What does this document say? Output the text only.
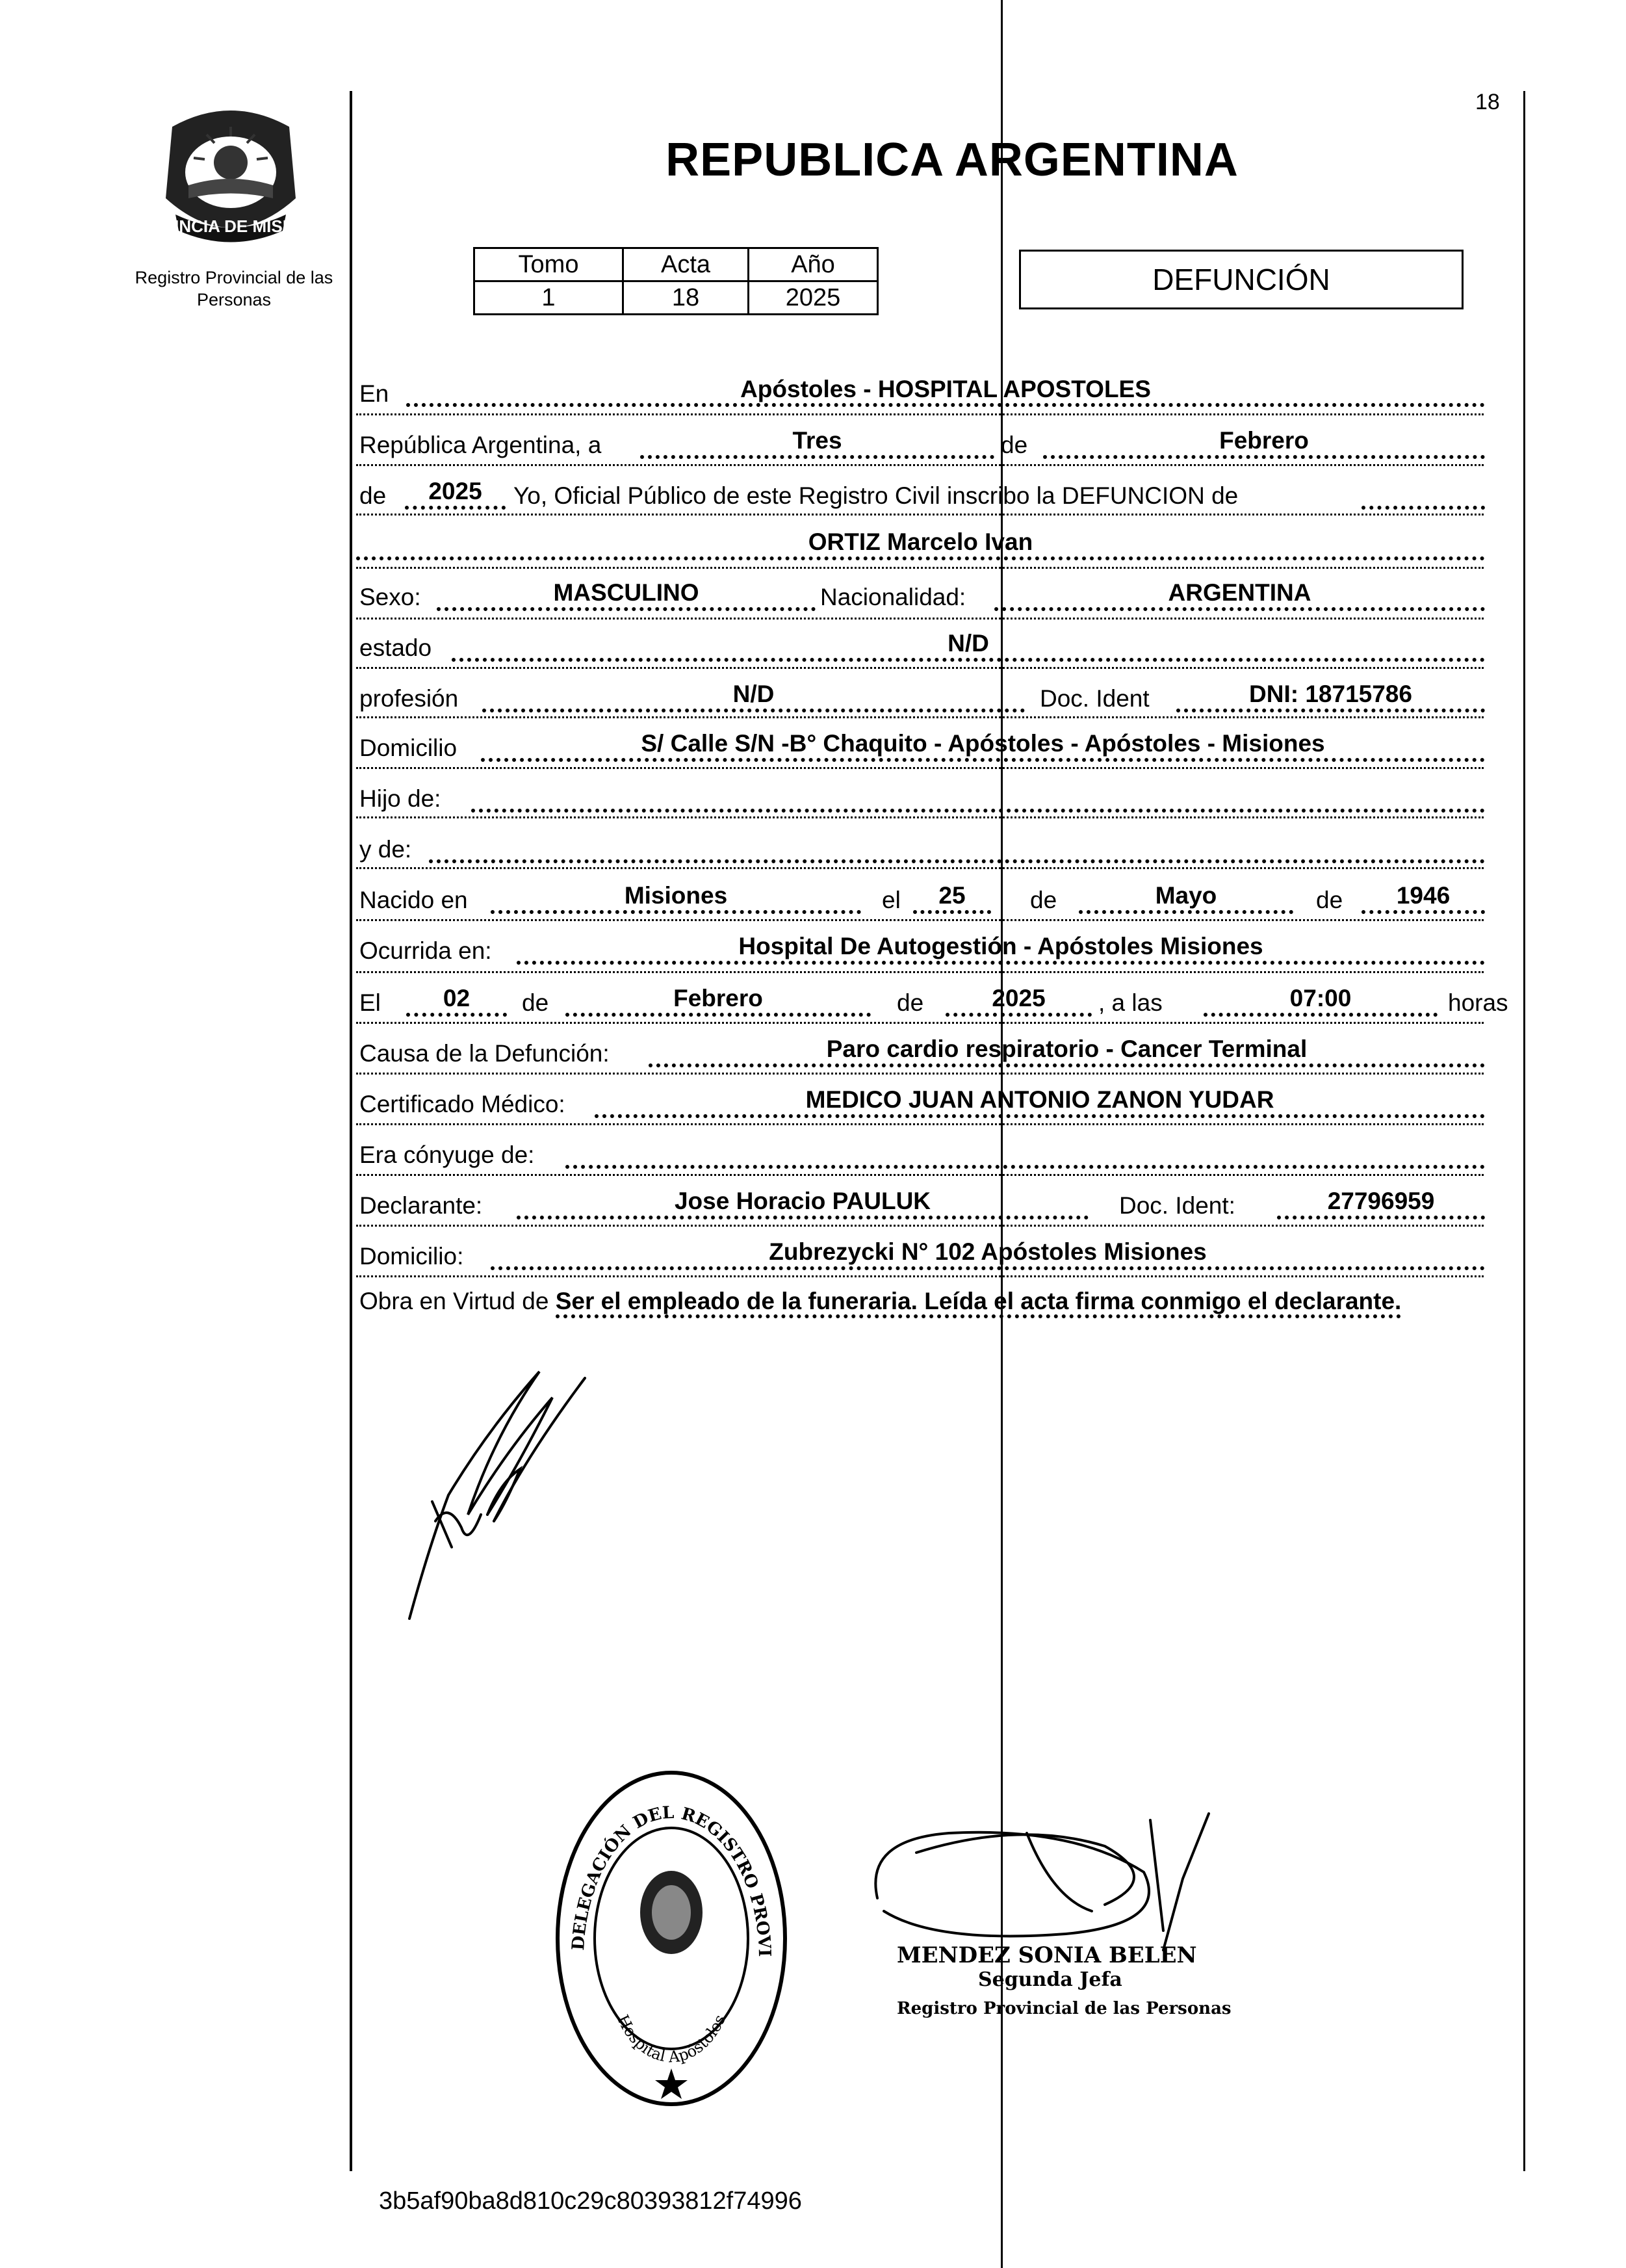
PROVINCIA DE MISIONES
Registro Provincial de las Personas
18
REPUBLICA ARGENTINA
Tomo	Acta	Año
1	18	2025
DEFUNCIÓN
En	Apóstoles - HOSPITAL APOSTOLES
República Argentina, a	Tres	de	Febrero
de	2025	Yo, Oficial Público de este Registro Civil inscribo la DEFUNCION de
ORTIZ Marcelo Ivan
Sexo:	MASCULINO	Nacionalidad:	ARGENTINA
estado	N/D
profesión	N/D	Doc. Ident	DNI: 18715786
Domicilio	S/ Calle S/N -B° Chaquito - Apóstoles - Apóstoles - Misiones
Hijo de:
y de:
Nacido en	Misiones	el	25	de	Mayo	de	1946
Ocurrida en:	Hospital De Autogestión - Apóstoles Misiones
El	02	de	Febrero	de	2025	, a las	07:00	horas
Causa de la Defunción:	Paro cardio respiratorio - Cancer Terminal
Certificado Médico:	MEDICO JUAN ANTONIO ZANON YUDAR
Era cónyuge de:
Declarante:	Jose Horacio PAULUK	Doc. Ident:	27796959
Domicilio:	Zubrezycki N° 102 Apóstoles Misiones
Obra en Virtud de Ser el empleado de la funeraria. Leída el acta firma conmigo el declarante.
DELEGACIÓN DEL REGISTRO PROVI
Hospital Apóstoles
MENDEZ SONIA BELEN
Segunda Jefa
Registro Provincial de las Personas
3b5af90ba8d810c29c80393812f74996
